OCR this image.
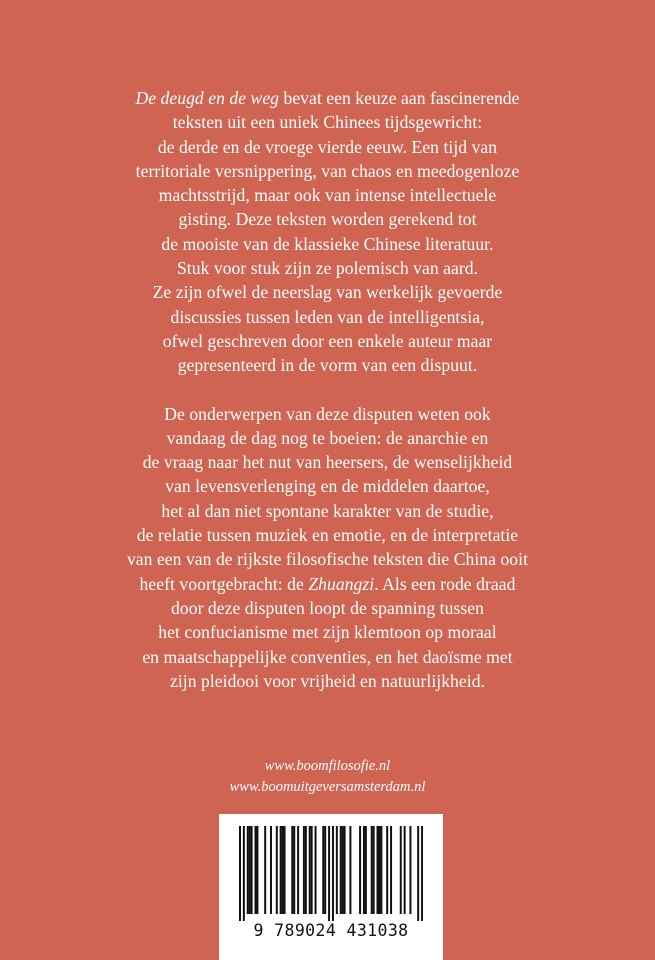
De deugd en de weg bevat een keuze aan fascinerende
teksten uit een uniek Chinees tijdsgewricht:
de derde en de vroege vierde eeuw. Een tijd van
territoriale versnippering, van chaos en meedogenloze
machtsstrijd, maar ook van intense intellectuele
gisting. Deze teksten worden gerekend tot
de mooiste van de klassieke Chinese literatuur.
Stuk voor stuk zijn ze polemisch van aard.
Ze zijn ofwel de neerslag van werkelijk gevoerde
discussies tussen leden van de intelligentsia,
ofwel geschreven door een enkele auteur maar
gepresenteerd in de vorm van een dispuut.

De onderwerpen van deze disputen weten ook
vandaag de dag nog te boeien: de anarchie en
de vraag naar het nut van heersers, de wenselijkheid
van levensverlenging en de middelen daartoe,
het al dan niet spontane karakter van de studie,
de relatie tussen muziek en emotie, en de interpretatie
van een van de rijkste filosofische teksten die China ooit
heeft voortgebracht: de Zhuangzi. Als een rode draad
door deze disputen loopt de spanning tussen
het confucianisme met zijn klemtoon op moraal
en maatschappelijke conventies, en het daoïsme met
zijn pleidooi voor vrijheid en natuurlijkheid.

www.boomfilosofie.nl
www.boomuitgeversamsterdam.nl
9 789024 431038
